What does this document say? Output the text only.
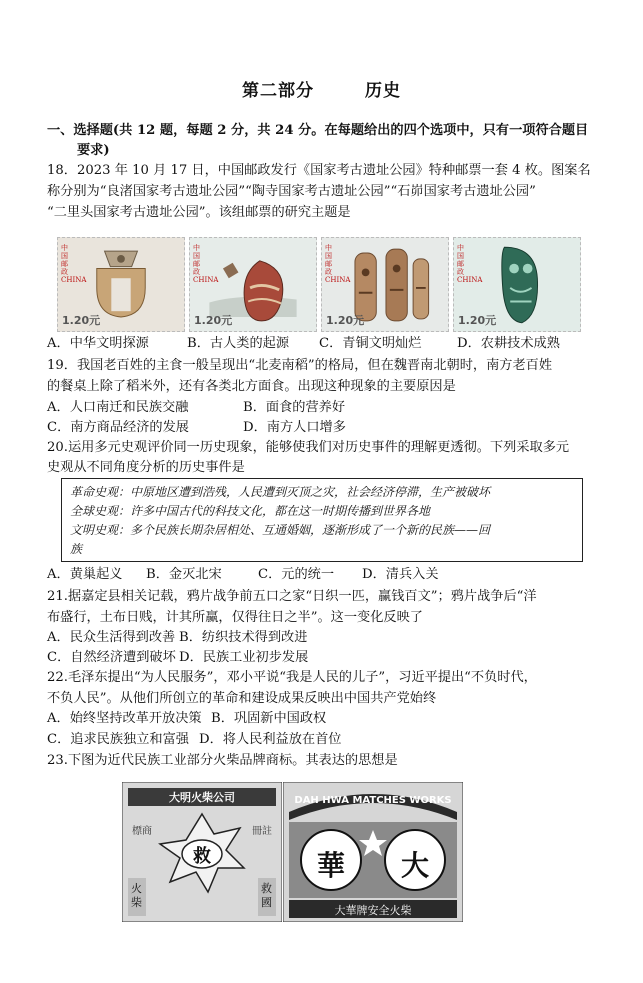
第二部分	历史
一、选择题(共 12 题，每题 2 分，共 24 分。在每题给出的四个选项中，只有一项符合题目
要求)
18．2023 年 10 月 17 日，中国邮政发行《国家考古遗址公园》特种邮票一套 4 枚。图案名
称分别为“良渚国家考古遗址公园”“陶寺国家考古遗址公园”“石峁国家考古遗址公园”
“二里头国家考古遗址公园”。该组邮票的研究主题是
中国邮政 CHINA
1.20元
中国邮政 CHINA
1.20元
中国邮政 CHINA
1.20元
中国邮政 CHINA
1.20元
A．中华文明探源	B．古人类的起源 C．青铜文明灿烂	D．农耕技术成熟
19．我国老百姓的主食一般呈现出“北麦南稻”的格局，但在魏晋南北朝时，南方老百姓
的餐桌上除了稻米外，还有各类北方面食。出现这种现象的主要原因是
A．人口南迁和民族交融	B．面食的营养好
C．南方商品经济的发展	D．南方人口增多
20.运用多元史观评价同一历史现象，能够使我们对历史事件的理解更透彻。下列采取多元
史观从不同角度分析的历史事件是
革命史观：中原地区遭到浩残，人民遭到灭顶之灾，社会经济停滞，生产被破坏
全球史观：许多中国古代的科技文化，都在这一时期传播到世界各地
文明史观：多个民族长期杂居相处、互通婚姻，逐渐形成了一个新的民族——回
族
A．黄巢起义 B．金灭北宋	C．元的统一 D．清兵入关
21.据嘉定县相关记载，鸦片战争前五口之家“日织一匹，赢钱百文”；鸦片战争后“洋
布盛行，土布日贱，计其所赢，仅得往日之半”。这一变化反映了
A．民众生活得到改善 B．纺织技术得到改进
C．自然经济遭到破坏 D．民族工业初步发展
22.毛泽东提出“为人民服务”，邓小平说“我是人民的儿子”，习近平提出“不负时代，
不负人民”。从他们所创立的革命和建设成果反映出中国共产党始终
A．始终坚持改革开放决策 B．巩固新中国政权
C．追求民族独立和富强 D．将人民利益放在首位
23.下图为近代民族工业部分火柴品牌商标。其表达的思想是
大明火柴公司
標商	冊註
救
火柴
救國
DAH HWA MATCHES WORKS
華 大
大華牌安全火柴
